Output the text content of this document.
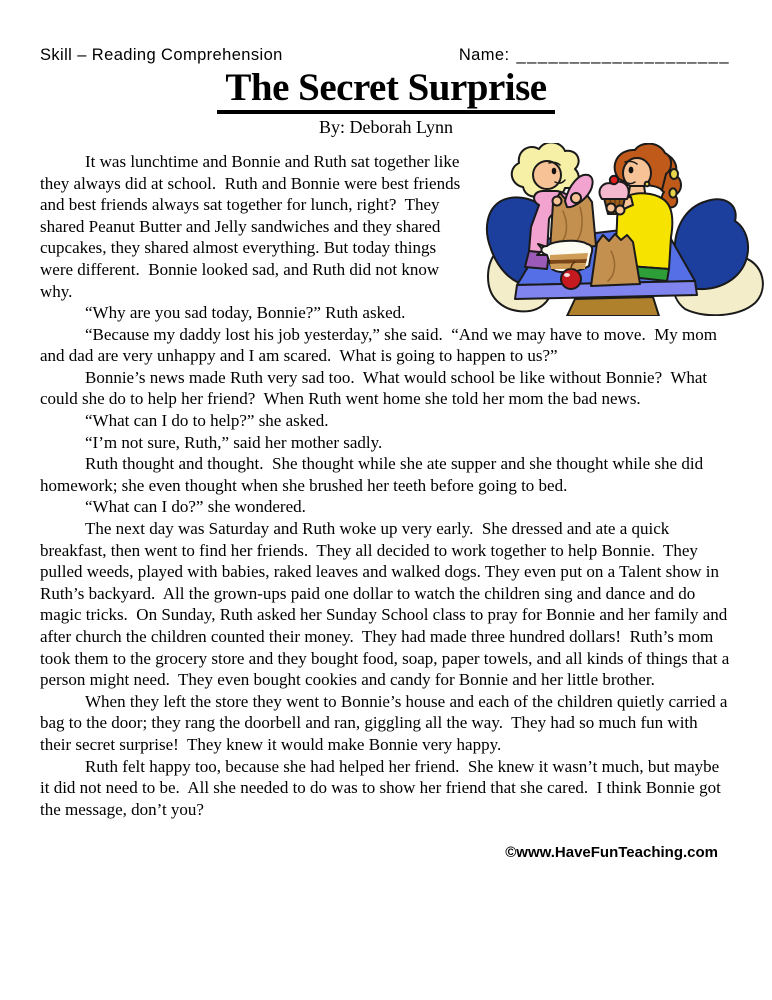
Skill – Reading Comprehension	Name: ____________________
The Secret Surprise
By: Deborah Lynn

It was lunchtime and Bonnie and Ruth sat together like they always did at school.  Ruth and Bonnie were best friends and best friends always sat together for lunch, right?  They shared Peanut Butter and Jelly sandwiches and they shared cupcakes, they shared almost everything. But today things were different.  Bonnie looked sad, and Ruth did not know why.

“Why are you sad today, Bonnie?” Ruth asked.

“Because my daddy lost his job yesterday,” she said.  “And we may have to move.  My mom and dad are very unhappy and I am scared.  What is going to happen to us?”

Bonnie’s news made Ruth very sad too.  What would school be like without Bonnie?  What could she do to help her friend?  When Ruth went home she told her mom the bad news.

“What can I do to help?” she asked.

“I’m not sure, Ruth,” said her mother sadly.

Ruth thought and thought.  She thought while she ate supper and she thought while she did homework; she even thought when she brushed her teeth before going to bed.

“What can I do?” she wondered.

The next day was Saturday and Ruth woke up very early.  She dressed and ate a quick breakfast, then went to find her friends.  They all decided to work together to help Bonnie.  They pulled weeds, played with babies, raked leaves and walked dogs. They even put on a Talent show in Ruth’s backyard.  All the grown-ups paid one dollar to watch the children sing and dance and do magic tricks.  On Sunday, Ruth asked her Sunday School class to pray for Bonnie and her family and after church the children counted their money.  They had made three hundred dollars!  Ruth’s mom took them to the grocery store and they bought food, soap, paper towels, and all kinds of things that a person might need.  They even bought cookies and candy for Bonnie and her little brother.

When they left the store they went to Bonnie’s house and each of the children quietly carried a bag to the door; they rang the doorbell and ran, giggling all the way.  They had so much fun with their secret surprise!  They knew it would make Bonnie very happy.

Ruth felt happy too, because she had helped her friend.  She knew it wasn’t much, but maybe it did not need to be.  All she needed to do was to show her friend that she cared.  I think Bonnie got the message, don’t you?

©www.HaveFunTeaching.com
